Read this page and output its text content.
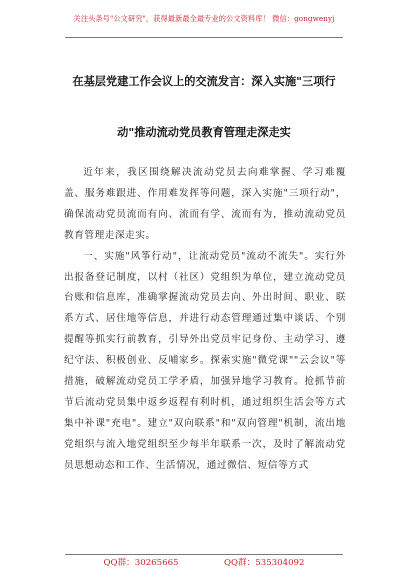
关注头条号"公文研究"，获得最新最全最专业的公文资料库！ 微信：gongwenyj
在基层党建工作会议上的交流发言：深入实施"三项行
动"推动流动党员教育管理走深走实

近年来，我区围绕解决流动党员去向难掌握、学习难覆盖、服务难跟进、作用难发挥等问题，深入实施"三项行动"，确保流动党员流而有向、流而有学、流而有为，推动流动党员教育管理走深走实。

一、实施"风筝行动"，让流动党员"流动不流失"。实行外出报备登记制度，以村（社区）党组织为单位，建立流动党员台账和信息库，准确掌握流动党员去向、外出时间、职业、联系方式、居住地等信息，并进行动态管理通过集中谈话、个别提醒等抓实行前教育，引导外出党员牢记身份、主动学习、遵纪守法、积极创业、反哺家乡。探索实施"微党课""云会议"等措施，破解流动党员工学矛盾，加强异地学习教育。抢抓节前节后流动党员集中返乡返程有利时机，通过组织生活会等方式集中补课"充电"。建立"双向联系"和"双向管理"机制，流出地党组织与流入地党组织至少每半年联系一次，及时了解流动党员思想动态和工作、生活情况，通过微信、短信等方式

QQ群：30265665	QQ群：535304092
